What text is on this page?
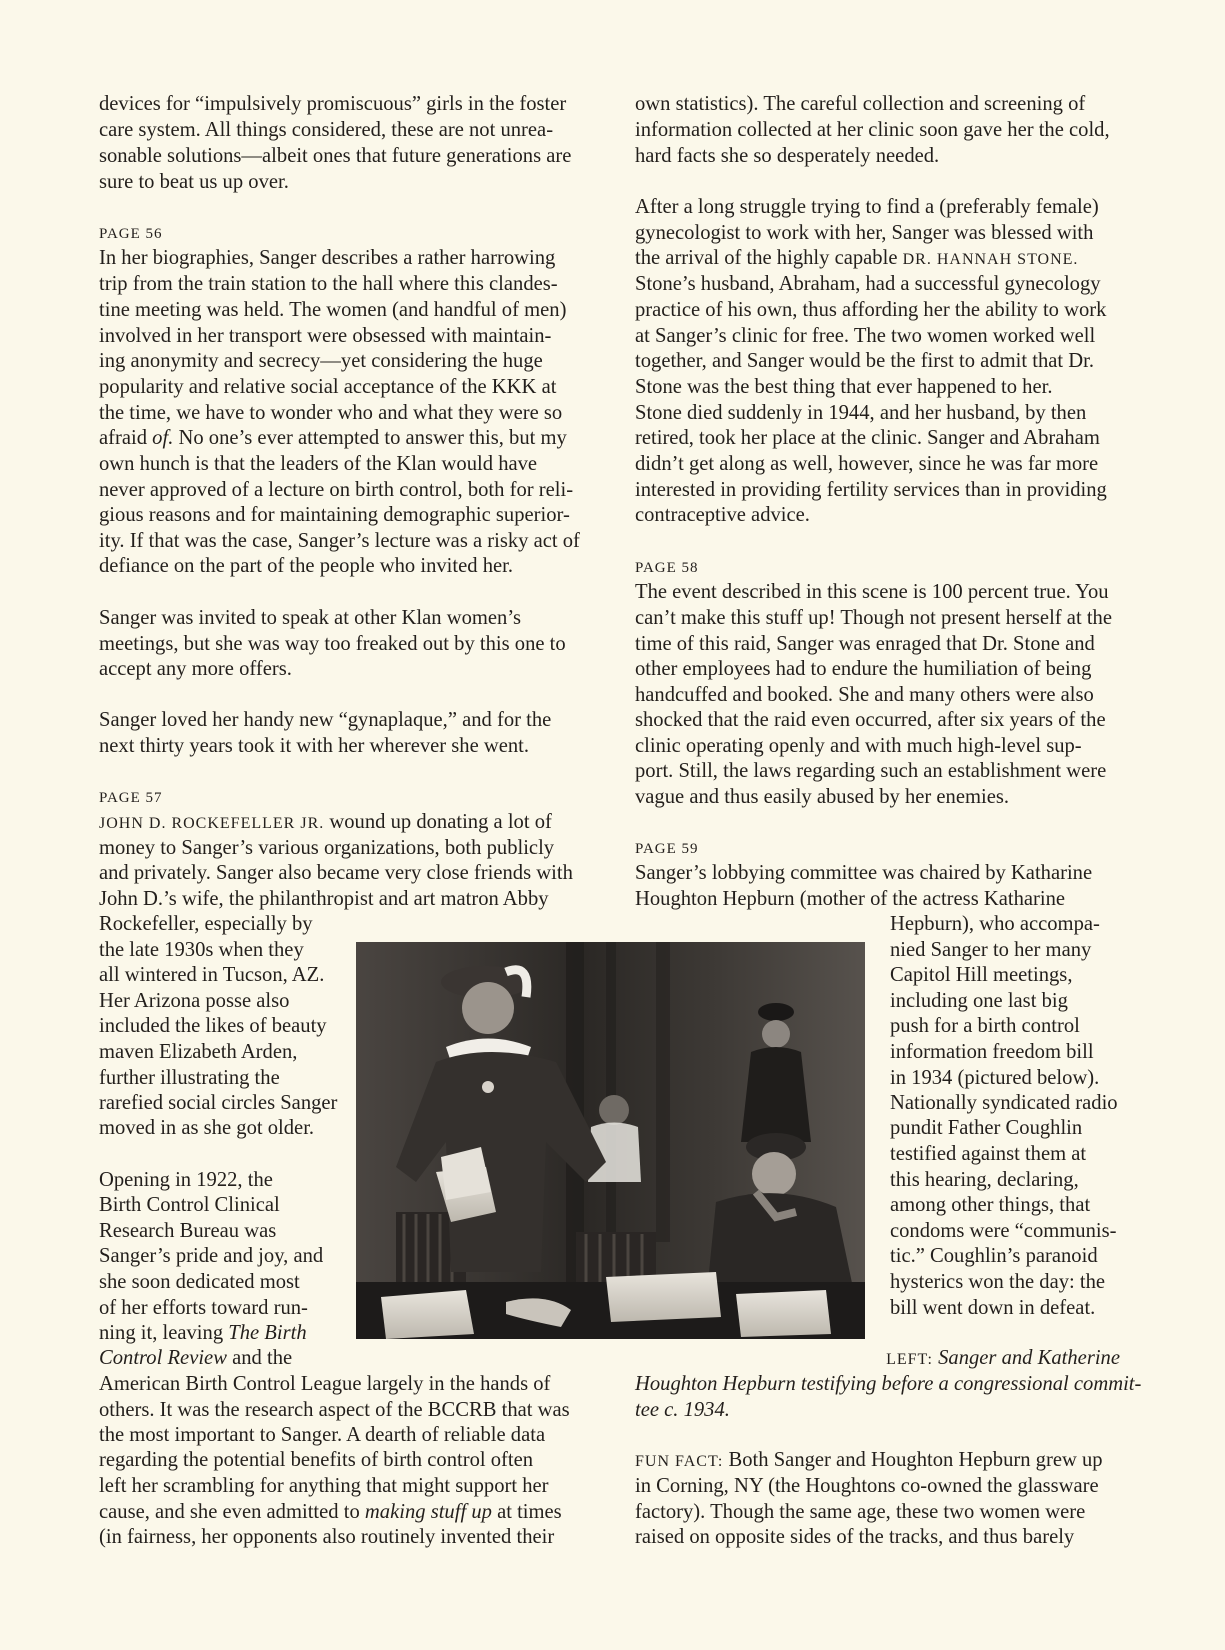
devices for “impulsively promiscuous” girls in the foster
care system. All things considered, these are not unrea-
sonable solutions—albeit ones that future generations are
sure to beat us up over.
PAGE 56
In her biographies, Sanger describes a rather harrowing
trip from the train station to the hall where this clandes-
tine meeting was held. The women (and handful of men)
involved in her transport were obsessed with maintain-
ing anonymity and secrecy—yet considering the huge
popularity and relative social acceptance of the KKK at
the time, we have to wonder who and what they were so
afraid of. No one’s ever attempted to answer this, but my
own hunch is that the leaders of the Klan would have
never approved of a lecture on birth control, both for reli-
gious reasons and for maintaining demographic superior-
ity. If that was the case, Sanger’s lecture was a risky act of
defiance on the part of the people who invited her.
Sanger was invited to speak at other Klan women’s
meetings, but she was way too freaked out by this one to
accept any more offers.
Sanger loved her handy new “gynaplaque,” and for the
next thirty years took it with her wherever she went.
PAGE 57
JOHN D. ROCKEFELLER JR. wound up donating a lot of
money to Sanger’s various organizations, both publicly
and privately. Sanger also became very close friends with
John D.’s wife, the philanthropist and art matron Abby
Rockefeller, especially by
the late 1930s when they
all wintered in Tucson, AZ.
Her Arizona posse also
included the likes of beauty
maven Elizabeth Arden,
further illustrating the
rarefied social circles Sanger
moved in as she got older.
Opening in 1922, the
Birth Control Clinical
Research Bureau was
Sanger’s pride and joy, and
she soon dedicated most
of her efforts toward run-
ning it, leaving The Birth
Control Review and the
American Birth Control League largely in the hands of
others. It was the research aspect of the BCCRB that was
the most important to Sanger. A dearth of reliable data
regarding the potential benefits of birth control often
left her scrambling for anything that might support her
cause, and she even admitted to making stuff up at times
(in fairness, her opponents also routinely invented their
own statistics). The careful collection and screening of
information collected at her clinic soon gave her the cold,
hard facts she so desperately needed.
After a long struggle trying to find a (preferably female)
gynecologist to work with her, Sanger was blessed with
the arrival of the highly capable DR. HANNAH STONE.
Stone’s husband, Abraham, had a successful gynecology
practice of his own, thus affording her the ability to work
at Sanger’s clinic for free. The two women worked well
together, and Sanger would be the first to admit that Dr.
Stone was the best thing that ever happened to her.
Stone died suddenly in 1944, and her husband, by then
retired, took her place at the clinic. Sanger and Abraham
didn’t get along as well, however, since he was far more
interested in providing fertility services than in providing
contraceptive advice.
PAGE 58
The event described in this scene is 100 percent true. You
can’t make this stuff up! Though not present herself at the
time of this raid, Sanger was enraged that Dr. Stone and
other employees had to endure the humiliation of being
handcuffed and booked. She and many others were also
shocked that the raid even occurred, after six years of the
clinic operating openly and with much high-level sup-
port. Still, the laws regarding such an establishment were
vague and thus easily abused by her enemies.
PAGE 59
Sanger’s lobbying committee was chaired by Katharine
Houghton Hepburn (mother of the actress Katharine
Hepburn), who accompa-
nied Sanger to her many
Capitol Hill meetings,
including one last big
push for a birth control
information freedom bill
in 1934 (pictured below).
Nationally syndicated radio
pundit Father Coughlin
testified against them at
this hearing, declaring,
among other things, that
condoms were “communis-
tic.” Coughlin’s paranoid
hysterics won the day: the
bill went down in defeat.
LEFT: Sanger and Katherine
Houghton Hepburn testifying before a congressional commit-
tee c. 1934.
FUN FACT: Both Sanger and Houghton Hepburn grew up
in Corning, NY (the Houghtons co-owned the glassware
factory). Though the same age, these two women were
raised on opposite sides of the tracks, and thus barely
